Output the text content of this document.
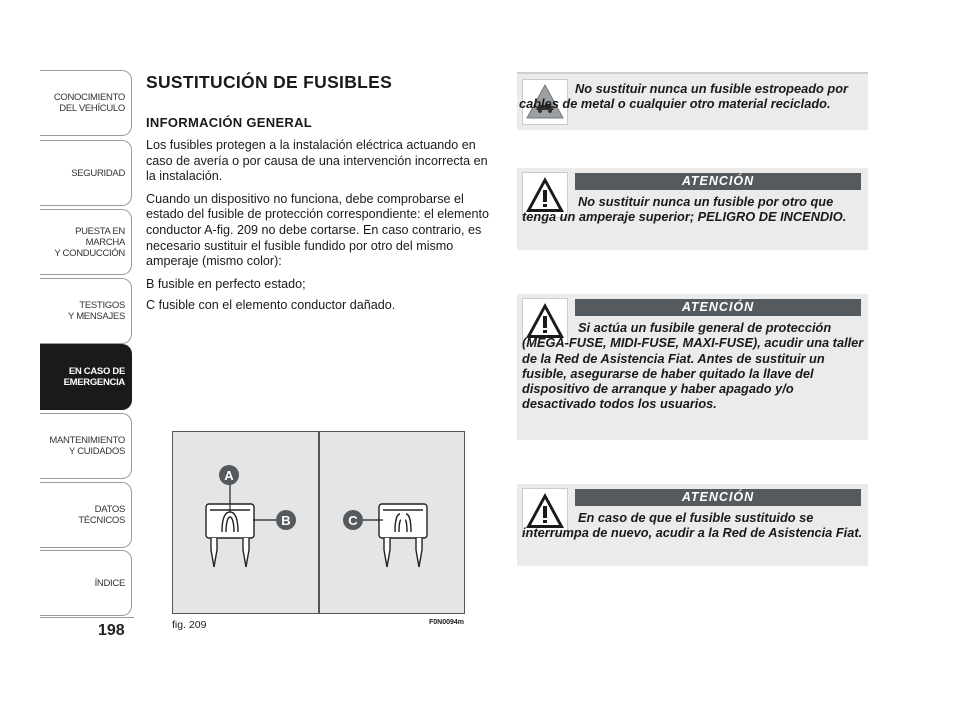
CONOCIMIENTO
DEL VEHÍCULO
SEGURIDAD
PUESTA EN
MARCHA
Y CONDUCCIÓN
TESTIGOS
Y MENSAJES
EN CASO DE
EMERGENCIA
MANTENIMIENTO
Y CUIDADOS
DATOS
TÉCNICOS
ÍNDICE
198
SUSTITUCIÓN DE FUSIBLES
INFORMACIÓN GENERAL

Los fusibles protegen a la instalación eléctrica actuando en caso de avería o por causa de una intervención incorrecta en la instalación.

Cuando un dispositivo no funciona, debe comprobarse el estado del fusible de protección correspondiente: el elemento conductor A-fig. 209 no debe cortarse. En caso contrario, es necesario sustituir el fusible fundido por otro del mismo amperaje (mismo color):

B fusible en perfecto estado;

C fusible con el elemento conductor dañado.

A
B	C
fig. 209	F0N0094m
No sustituir nunca un fusible estropeado por cables de metal o cualquier otro material reciclado.
ATENCIÓN
No sustituir nunca un fusible por otro que tenga un amperaje superior; PELIGRO DE INCENDIO.
ATENCIÓN
Si actúa un fusibile general de protección (MEGA-FUSE, MIDI-FUSE, MAXI-FUSE), acudir una taller de la Red de Asistencia Fiat. Antes de sustituir un fusible, asegurarse de haber quitado la llave del dispositivo de arranque y haber apagado y/o desactivado todos los usuarios.
ATENCIÓN
En caso de que el fusible sustituido se interrumpa de nuevo, acudir a la Red de Asistencia Fiat.
